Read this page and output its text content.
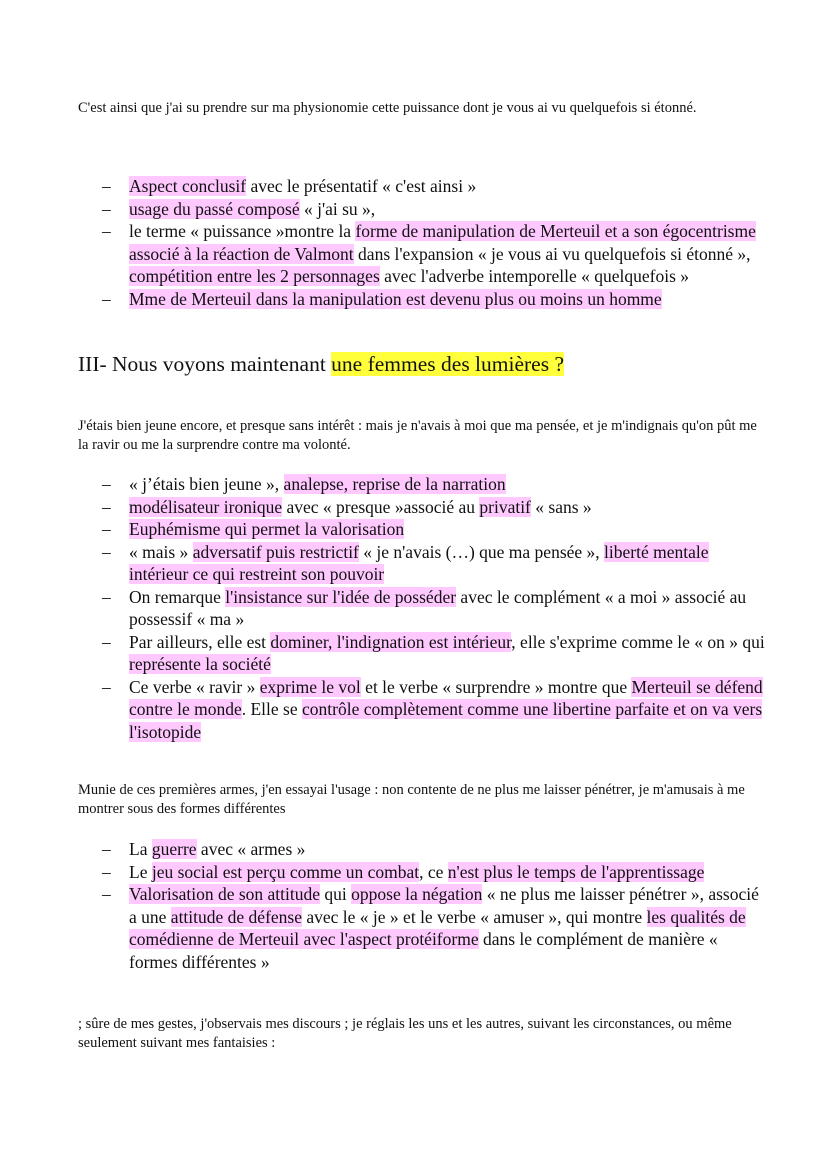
C'est ainsi que j'ai su prendre sur ma physionomie cette puissance dont je vous ai vu quelquefois si étonné.

– Aspect conclusif avec le présentatif « c'est ainsi »
– usage du passé composé « j'ai su »,
– le terme « puissance »montre la forme de manipulation de Merteuil et a son égocentrisme associé à la réaction de Valmont dans l'expansion « je vous ai vu quelquefois si étonné », compétition entre les 2 personnages avec l'adverbe intemporelle « quelquefois »
– Mme de Merteuil dans la manipulation est devenu plus ou moins un homme
III- Nous voyons maintenant une femmes des lumières ?

J'étais bien jeune encore, et presque sans intérêt : mais je n'avais à moi que ma pensée, et je m'indignais qu'on pût me la ravir ou me la surprendre contre ma volonté.

– « j’étais bien jeune », analepse, reprise de la narration
– modélisateur ironique avec « presque »associé au privatif « sans »
– Euphémisme qui permet la valorisation
– « mais » adversatif puis restrictif « je n'avais (…) que ma pensée », liberté mentale intérieur ce qui restreint son pouvoir
– On remarque l'insistance sur l'idée de posséder avec le complément « a moi » associé au possessif « ma »
– Par ailleurs, elle est dominer, l'indignation est intérieur, elle s'exprime comme le « on » qui représente la société
– Ce verbe « ravir » exprime le vol et le verbe « surprendre » montre que Merteuil se défend contre le monde. Elle se contrôle complètement comme une libertine parfaite et on va vers l'isotopide

Munie de ces premières armes, j'en essayai l'usage : non contente de ne plus me laisser pénétrer, je m'amusais à me montrer sous des formes différentes

– La guerre avec « armes »
– Le jeu social est perçu comme un combat, ce n'est plus le temps de l'apprentissage
– Valorisation de son attitude qui oppose la négation « ne plus me laisser pénétrer », associé a une attitude de défense avec le « je » et le verbe « amuser », qui montre les qualités de comédienne de Merteuil avec l'aspect protéiforme dans le complément de manière « formes différentes »

; sûre de mes gestes, j'observais mes discours ; je réglais les uns et les autres, suivant les circonstances, ou même seulement suivant mes fantaisies :
